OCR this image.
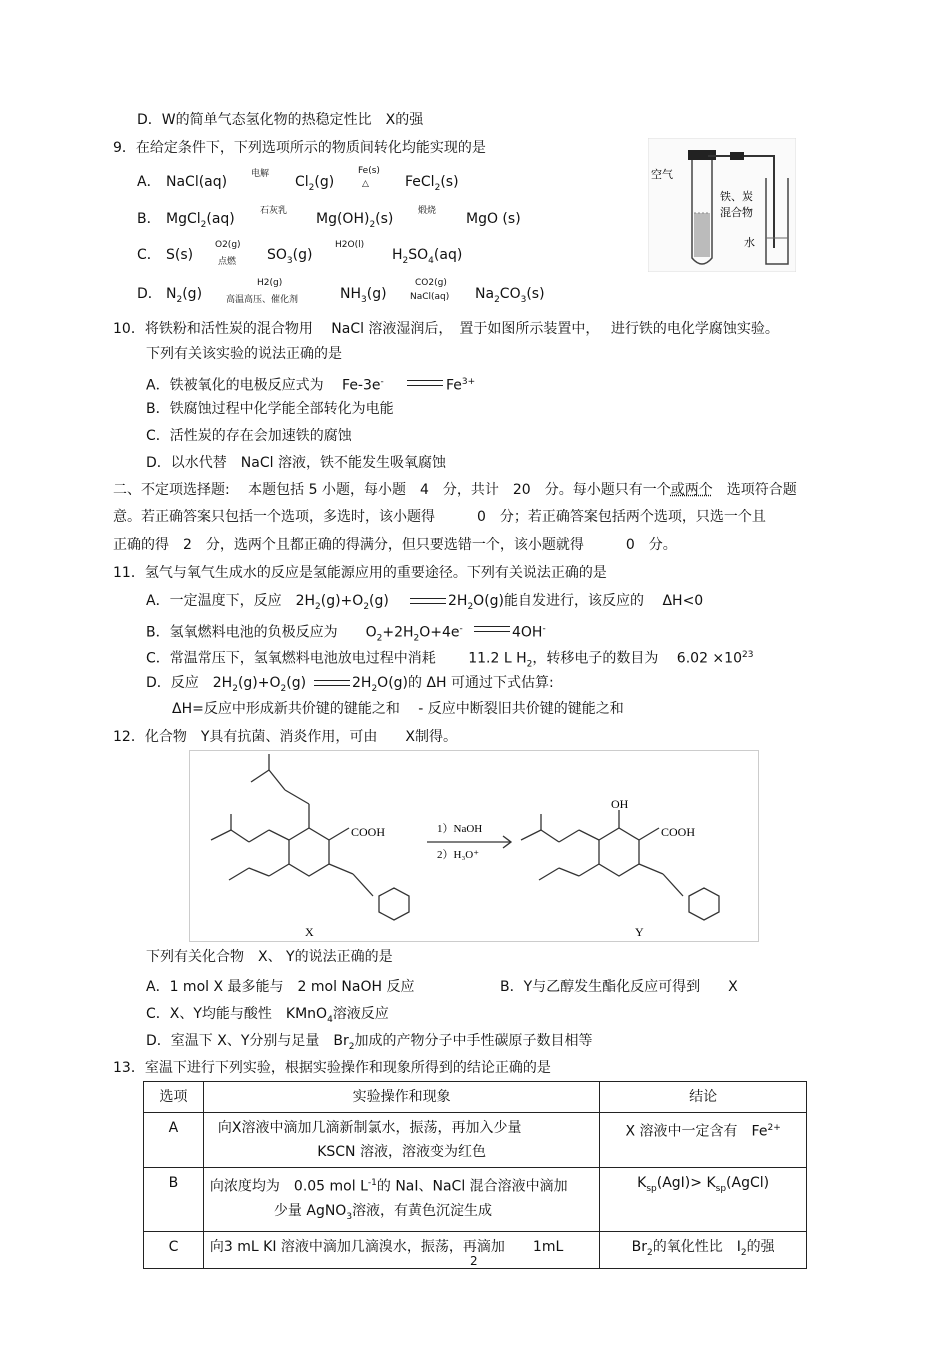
D．W的简单气态氢化物的热稳定性比　X的强
9．在给定条件下，下列选项所示的物质间转化均能实现的是
A． NaCl(aq)	电解 $Cl_2(g)$
Fe(s)
△	FeCl$_2$(s)
B． MgCl$_2$(aq)	石灰乳 $Mg(OH)_2(s)$	煅烧 MgO (s)
C． S(s)
O2(g)
点燃 $SO_3(g)$
H2O(l)
$H_2SO_4(aq)$
D． $N_2(g)$
H2(g)
高温高压、催化剂	$NH_3(g)$
CO2(g)
NaCl(aq) $Na_2CO_3(s)$
空气
铁、炭
混合物
水
10．将铁粉和活性炭的混合物用　 NaCl 溶液湿润后，　置于如图所示装置中，　 进行铁的电化学腐蚀实验。
下列有关该实验的说法正确的是
A．铁被氧化的电极反应式为　 Fe-3e-	$Fe^{3+}$
B．铁腐蚀过程中化学能全部转化为电能
C．活性炭的存在会加速铁的腐蚀
D．以水代替　NaCl 溶液，铁不能发生吸氧腐蚀
二、不定项选择题:　 本题包括 5 小题，每小题　4　分，共计　20　分。每小题只有一个或两个　选项符合题
意。若正确答案只包括一个选项，多选时，该小题得　　　0　分；若正确答案包括两个选项，只选一个且
正确的得　2　分，选两个且都正确的得满分，但只要选错一个，该小题就得　　　0　分。
11．氢气与氧气生成水的反应是氢能源应用的重要途径。下列有关说法正确的是
A．一定温度下，反应　$2H_2(g)+O_2(g)$	$2H_2O(g)$能自发进行，该反应的　 ΔH<0
B．氢氧燃料电池的负极反应为　　$O_2+2H_2O+4e^-$	4OH-
C．常温常压下，氢氧燃料电池放电过程中消耗　　 11.2 L $H_2$，转移电子的数目为　 $6.02 \times 10^{23}$
D．反应　$2H_2(g)+O_2(g)$	$2H_2O(g)$的 ΔH 可通过下式估算:
ΔH=反应中形成新共价键的键能之和　 - 反应中断裂旧共价键的键能之和
12．化合物　Y具有抗菌、消炎作用，可由　　X制得。
COOH	COOH
OH
1）NaOH
2）H₃O⁺
X	Y
下列有关化合物　X、 Y的说法正确的是
A．1 mol X 最多能与　2 mol NaOH 反应	B．Y与乙醇发生酯化反应可得到　　X
C．X、Y均能与酸性　KMnO$_4$溶液反应
D．室温下 X、Y分别与足量　$Br_2$加成的产物分子中手性碳原子数目相等
13．室温下进行下列实验，根据实验操作和现象所得到的结论正确的是
选项	实验操作和现象	结论
A	向X溶液中滴加几滴新制氯水，振荡，再加入少量
KSCN 溶液，溶液变为红色	X 溶液中一定含有　$Fe^{2+}$
B	向浓度均为　0.05 mol $L^{-1}$的 NaI、NaCl 混合溶液中滴加
少量 AgNO$_3$溶液，有黄色沉淀生成	$K_{sp}(AgI)>$ $K_{sp}(AgCl)$
C	向3 mL KI 溶液中滴加几滴溴水，振荡，再滴加　　1mL	$Br_2$的氧化性比　$I_2$的强
2
